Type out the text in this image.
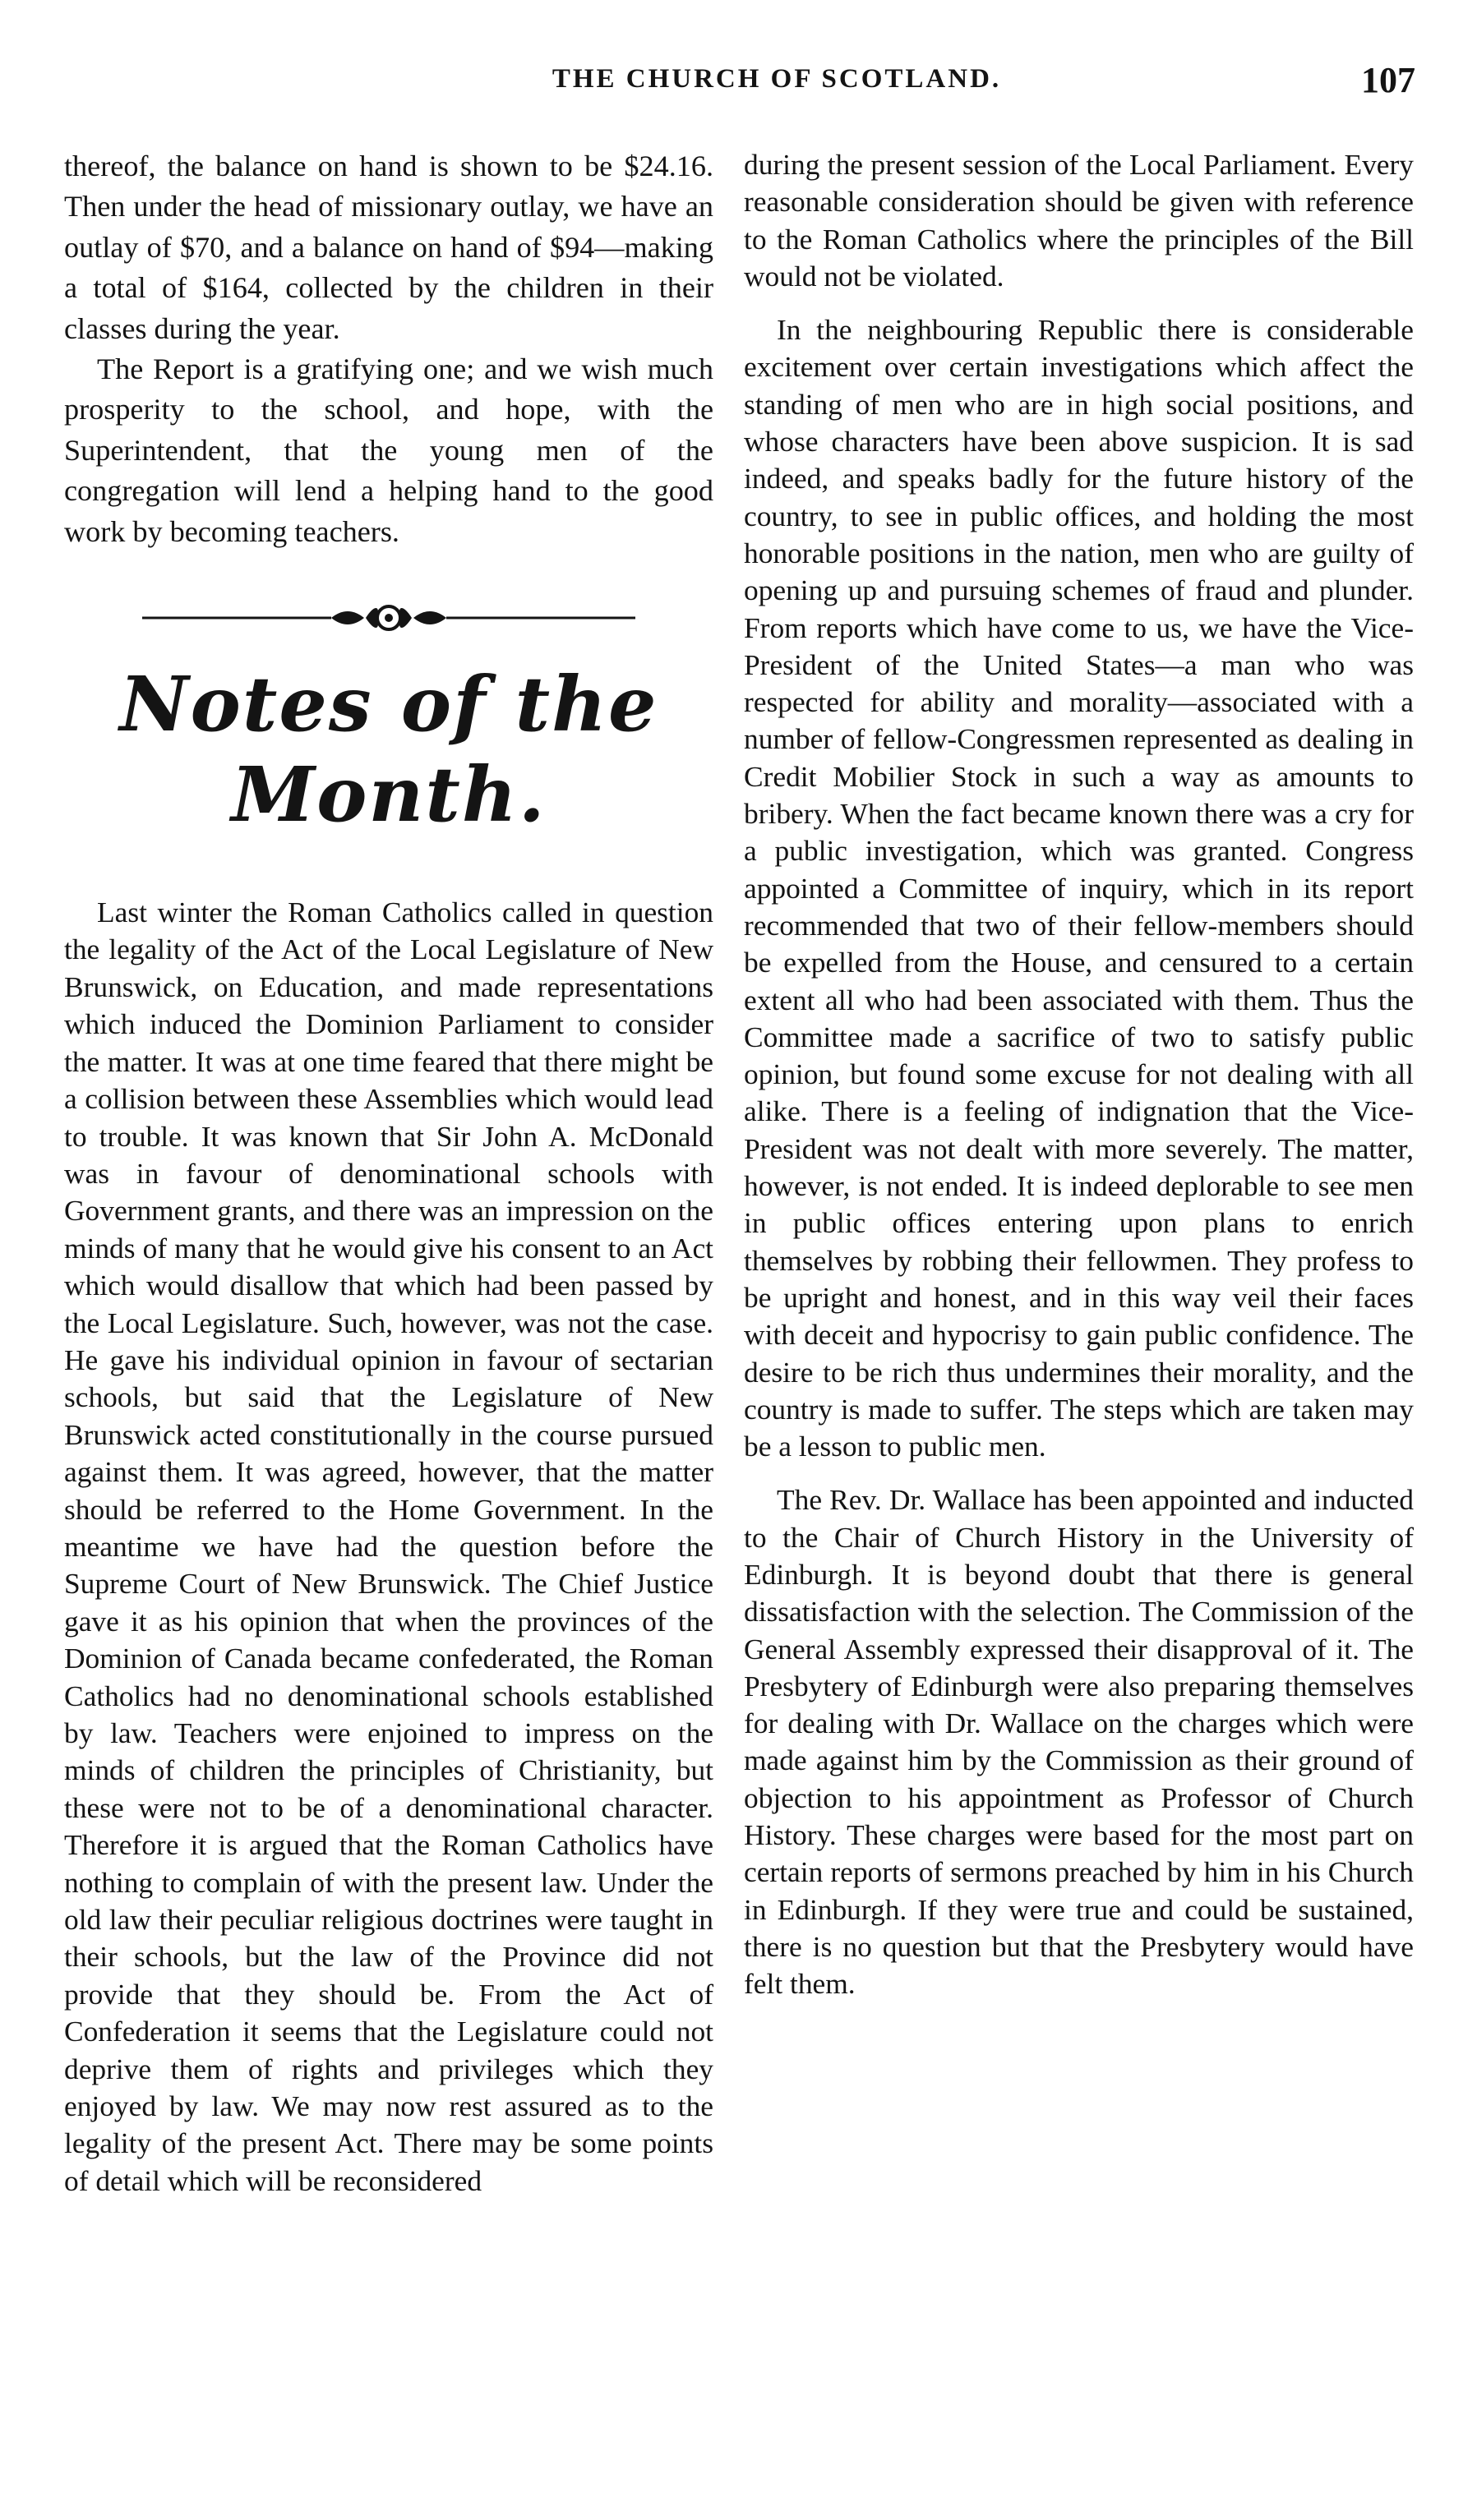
THE CHURCH OF SCOTLAND.	107

thereof, the balance on hand is shown to be $24.16. Then under the head of missionary outlay, we have an outlay of $70, and a balance on hand of $94—making a total of $164, collected by the children in their classes during the year.

The Report is a gratifying one; and we wish much prosperity to the school, and hope, with the Superintendent, that the young men of the congregation will lend a helping hand to the good work by becoming teachers.

Notes of the Month.

Last winter the Roman Catholics called in question the legality of the Act of the Local Legislature of New Brunswick, on Education, and made representations which induced the Dominion Parliament to consider the matter. It was at one time feared that there might be a collision between these Assemblies which would lead to trouble. It was known that Sir John A. McDonald was in favour of denominational schools with Government grants, and there was an impression on the minds of many that he would give his consent to an Act which would disallow that which had been passed by the Local Legislature. Such, however, was not the case. He gave his individual opinion in favour of sectarian schools, but said that the Legislature of New Brunswick acted constitutionally in the course pursued against them. It was agreed, however, that the matter should be referred to the Home Government. In the meantime we have had the question before the Supreme Court of New Brunswick. The Chief Justice gave it as his opinion that when the provinces of the Dominion of Canada became confederated, the Roman Catholics had no denominational schools established by law. Teachers were enjoined to impress on the minds of children the principles of Christianity, but these were not to be of a denominational character. Therefore it is argued that the Roman Catholics have nothing to complain of with the present law. Under the old law their peculiar religious doctrines were taught in their schools, but the law of the Province did not provide that they should be. From the Act of Confederation it seems that the Legislature could not deprive them of rights and privileges which they enjoyed by law. We may now rest assured as to the legality of the present Act. There may be some points of detail which will be reconsidered

during the present session of the Local Parliament. Every reasonable consideration should be given with reference to the Roman Catholics where the principles of the Bill would not be violated.

In the neighbouring Republic there is considerable excitement over certain investigations which affect the standing of men who are in high social positions, and whose characters have been above suspicion. It is sad indeed, and speaks badly for the future history of the country, to see in public offices, and holding the most honorable positions in the nation, men who are guilty of opening up and pursuing schemes of fraud and plunder. From reports which have come to us, we have the Vice-President of the United States—a man who was respected for ability and morality—associated with a number of fellow-Congressmen represented as dealing in Credit Mobilier Stock in such a way as amounts to bribery. When the fact became known there was a cry for a public investigation, which was granted. Congress appointed a Committee of inquiry, which in its report recommended that two of their fellow-members should be expelled from the House, and censured to a certain extent all who had been associated with them. Thus the Committee made a sacrifice of two to satisfy public opinion, but found some excuse for not dealing with all alike. There is a feeling of indignation that the Vice-President was not dealt with more severely. The matter, however, is not ended. It is indeed deplorable to see men in public offices entering upon plans to enrich themselves by robbing their fellowmen. They profess to be upright and honest, and in this way veil their faces with deceit and hypocrisy to gain public confidence. The desire to be rich thus undermines their morality, and the country is made to suffer. The steps which are taken may be a lesson to public men.

The Rev. Dr. Wallace has been appointed and inducted to the Chair of Church History in the University of Edinburgh. It is beyond doubt that there is general dissatisfaction with the selection. The Commission of the General Assembly expressed their disapproval of it. The Presbytery of Edinburgh were also preparing themselves for dealing with Dr. Wallace on the charges which were made against him by the Commission as their ground of objection to his appointment as Professor of Church History. These charges were based for the most part on certain reports of sermons preached by him in his Church in Edinburgh. If they were true and could be sustained, there is no question but that the Presbytery would have felt them.
